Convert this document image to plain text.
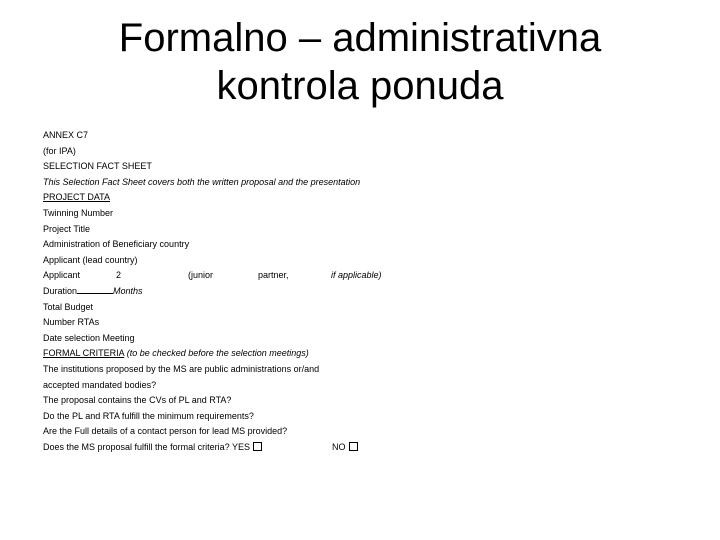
Formalno – administrativna
kontrola ponuda
ANNEX C7
(for IPA)
SELECTION FACT SHEET
This Selection Fact Sheet covers both the written proposal and the presentation
PROJECT DATA
Twinning Number
Project Title
Administration of Beneficiary country
Applicant (lead country)
Applicant	2	(junior	partner,	if applicable)
Duration	Months
Total Budget
Number RTAs
Date selection Meeting
FORMAL CRITERIA (to be checked before the selection meetings)
The institutions proposed by the MS are public administrations or/and
accepted mandated bodies?
The proposal contains the CVs of PL and RTA?
Do the PL and RTA fulfill the minimum requirements?
Are the Full details of a contact person for lead MS provided?
Does the MS proposal fulfill the formal criteria? YES	NO
